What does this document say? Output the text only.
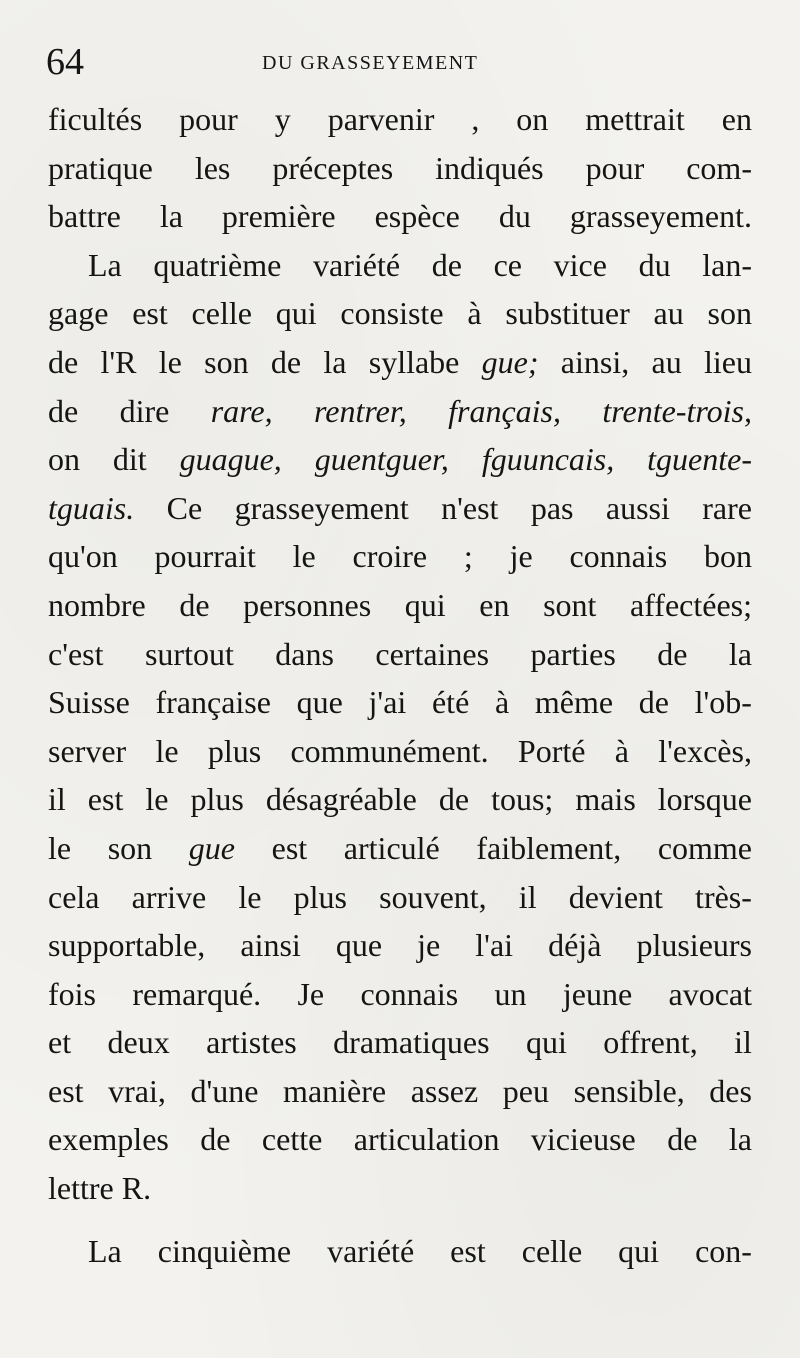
64	DU GRASSEYEMENT
ficultés pour y parvenir , on mettrait en
pratique les préceptes indiqués pour com-
battre la première espèce du grasseyement.
La quatrième variété de ce vice du lan-
gage est celle qui consiste à substituer au son
de l'R le son de la syllabe gue; ainsi, au lieu
de dire rare, rentrer, français, trente-trois,
on dit guague, guentguer, fguuncais, tguente-
tguais. Ce grasseyement n'est pas aussi rare
qu'on pourrait le croire ; je connais bon
nombre de personnes qui en sont affectées;
c'est surtout dans certaines parties de la
Suisse française que j'ai été à même de l'ob-
server le plus communément. Porté à l'excès,
il est le plus désagréable de tous; mais lorsque
le son gue est articulé faiblement, comme
cela arrive le plus souvent, il devient très-
supportable, ainsi que je l'ai déjà plusieurs
fois remarqué. Je connais un jeune avocat
et deux artistes dramatiques qui offrent, il
est vrai, d'une manière assez peu sensible, des
exemples de cette articulation vicieuse de la
lettre R.
La cinquième variété est celle qui con-
